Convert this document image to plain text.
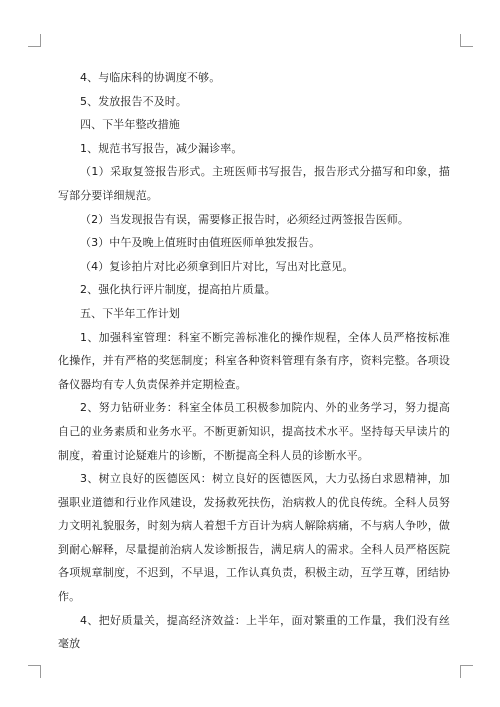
4、与临床科的协调度不够。

5、发放报告不及时。

四、下半年整改措施

1、规范书写报告，减少漏诊率。

（1）采取复签报告形式。主班医师书写报告，报告形式分描写和印象，描写部分要详细规范。

（2）当发现报告有误，需要修正报告时，必须经过两签报告医师。

（3）中午及晚上值班时由值班医师单独发报告。

（4）复诊拍片对比必须拿到旧片对比，写出对比意见。

2、强化执行评片制度，提高拍片质量。

五、下半年工作计划

1、加强科室管理：科室不断完善标准化的操作规程，全体人员严格按标准化操作，并有严格的奖惩制度；科室各种资料管理有条有序，资料完整。各项设备仪器均有专人负责保养并定期检查。

2、努力钻研业务：科室全体员工积极参加院内、外的业务学习，努力提高自己的业务素质和业务水平。不断更新知识，提高技术水平。坚持每天早读片的制度，着重讨论疑难片的诊断，不断提高全科人员的诊断水平。

3、树立良好的医德医风：树立良好的医德医风，大力弘扬白求恩精神，加强职业道德和行业作风建设，发扬救死扶伤，治病救人的优良传统。全科人员努力文明礼貌服务，时刻为病人着想千方百计为病人解除病痛，不与病人争吵，做到耐心解释，尽量提前治病人发诊断报告，满足病人的需求。全科人员严格医院各项规章制度，不迟到，不早退，工作认真负责，积极主动，互学互尊，团结协作。

4、把好质量关，提高经济效益：上半年，面对繁重的工作量，我们没有丝毫放
